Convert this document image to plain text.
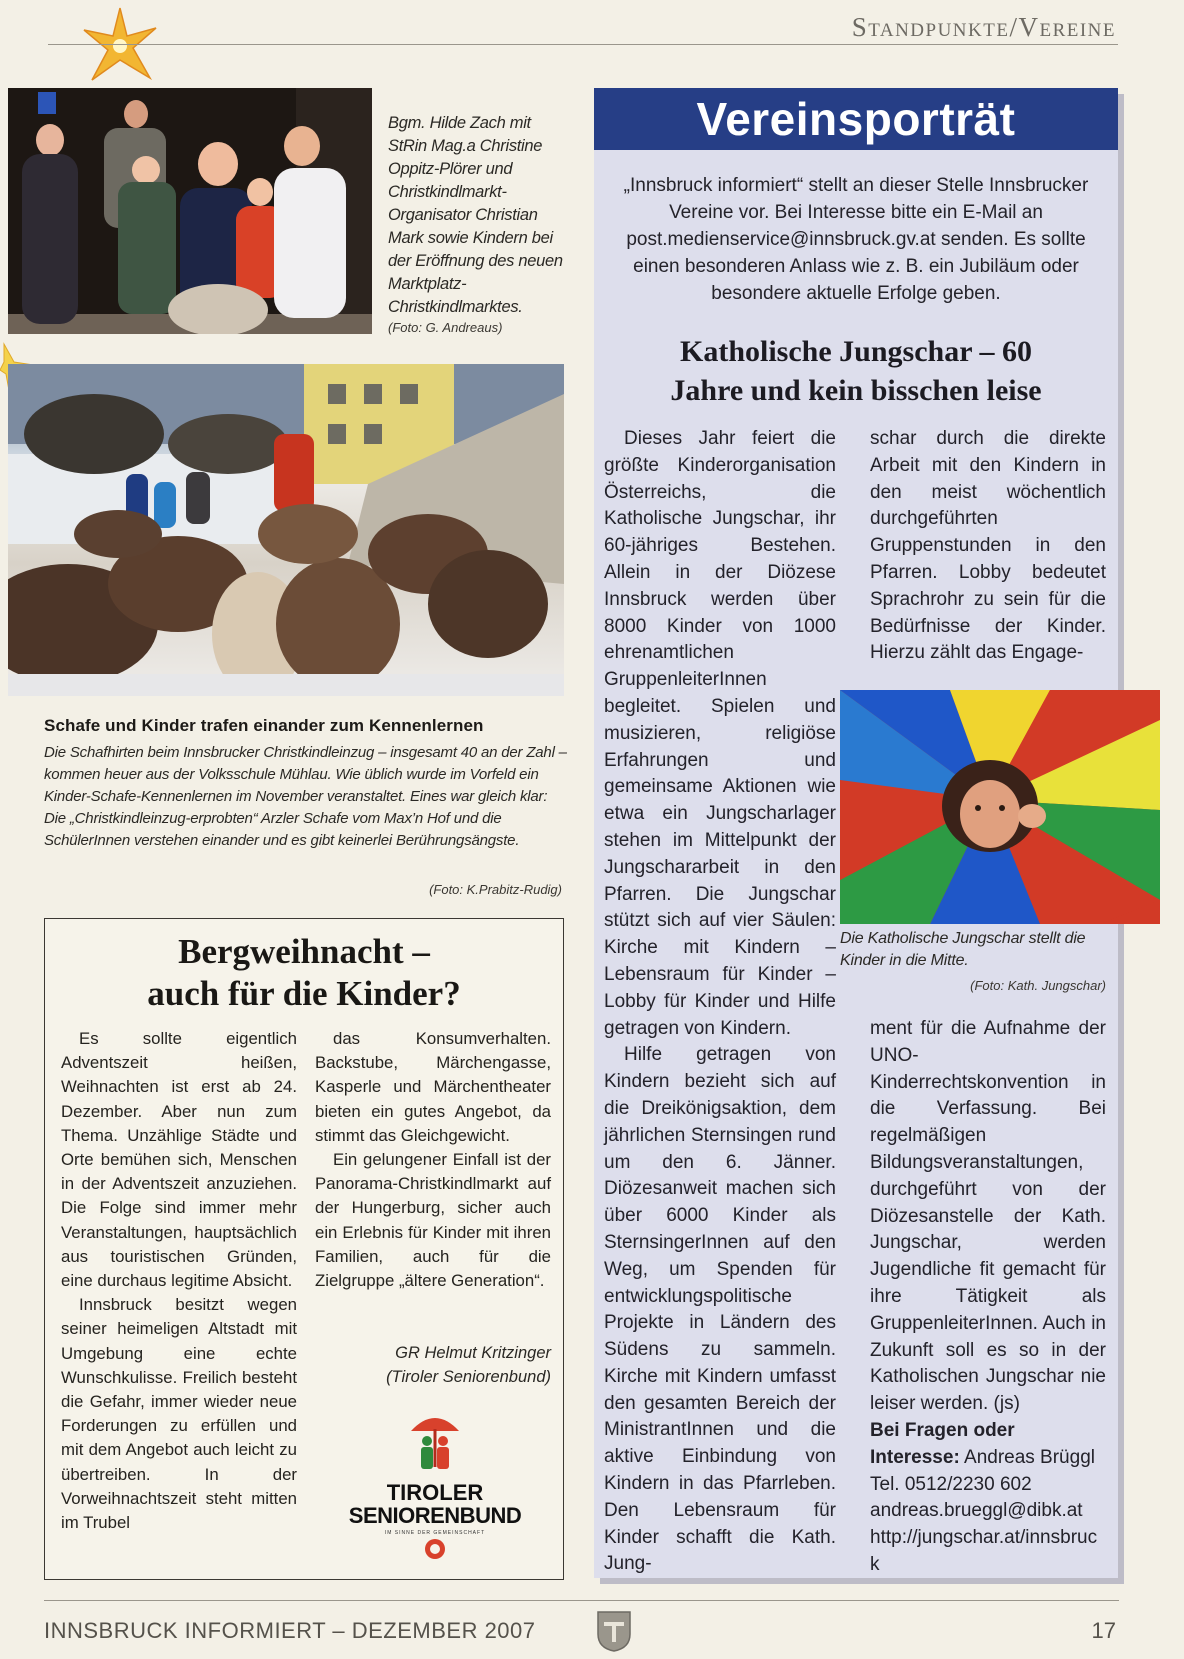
Standpunkte/Vereine
Bgm. Hilde Zach mit StRin Mag.a Christine Oppitz-Plörer und Christkindlmarkt-Organisator Christian Mark sowie Kindern bei der Eröffnung des neuen Marktplatz-Christkindlmarktes.
(Foto: G. Andreaus)
Schafe und Kinder trafen einander zum Kennenlernen
Die Schafhirten beim Innsbrucker Christkindleinzug – insgesamt 40 an der Zahl – kommen heuer aus der Volksschule Mühlau. Wie üblich wurde im Vorfeld ein Kinder-Schafe-Kennenlernen im November veranstaltet. Eines war gleich klar: Die „Christkindleinzug-erprobten“ Arzler Schafe vom Max’n Hof und die SchülerInnen verstehen einander und es gibt keinerlei Berührungsängste.
(Foto: K.Prabitz-Rudig)
Bergweihnacht –
auch für die Kinder?

Es sollte eigentlich Adventszeit heißen, Weihnachten ist erst ab 24. Dezember. Aber nun zum Thema. Unzählige Städte und Orte bemühen sich, Menschen in der Adventszeit anzuziehen. Die Folge sind immer mehr Veranstaltungen, hauptsächlich aus touristischen Gründen, eine durchaus legitime Absicht.

Innsbruck besitzt wegen seiner heimeligen Altstadt mit Umgebung eine echte Wunschkulisse. Freilich besteht die Gefahr, immer wieder neue Forderungen zu erfüllen und mit dem Angebot auch leicht zu übertreiben. In der Vorweihnachtszeit steht mitten im Trubel

das Konsumverhalten. Backstube, Märchengasse, Kasperle und Märchentheater bieten ein gutes Angebot, da stimmt das Gleichgewicht.

Ein gelungener Einfall ist der Panorama-Christkindlmarkt auf der Hungerburg, sicher auch ein Erlebnis für Kinder mit ihren Familien, auch für die Zielgruppe „ältere Generation“.

GR Helmut Kritzinger
(Tiroler Seniorenbund)
TIROLER
SENIORENBUND
IM SINNE DER GEMEINSCHAFT
Vereinsporträt
„Innsbruck informiert“ stellt an dieser Stelle Innsbrucker Vereine vor. Bei Interesse bitte ein E-Mail an post.medienservice@innsbruck.gv.at senden. Es sollte einen besonderen Anlass wie z. B. ein Jubiläum oder besondere aktuelle Erfolge geben.
Katholische Jungschar – 60
Jahre und kein bisschen leise

Dieses Jahr feiert die größte Kinderorganisation Österreichs, die Katholische Jungschar, ihr 60-jähriges Bestehen. Allein in der Diözese Innsbruck werden über 8000 Kinder von 1000 ehrenamtlichen GruppenleiterInnen begleitet. Spielen und musizieren, religiöse Erfahrungen und gemeinsame Aktionen wie etwa ein Jungscharlager stehen im Mittelpunkt der Jungschararbeit in den Pfarren. Die Jungschar stützt sich auf vier Säulen: Kirche mit Kindern – Lebensraum für Kinder – Lobby für Kinder und Hilfe getragen von Kindern.

Hilfe getragen von Kindern bezieht sich auf die Dreikönigsaktion, dem jährlichen Sternsingen rund um den 6. Jänner. Diözesanweit machen sich über 6000 Kinder als SternsingerInnen auf den Weg, um Spenden für entwicklungspolitische Projekte in Ländern des Südens zu sammeln. Kirche mit Kindern umfasst den gesamten Bereich der MinistrantInnen und die aktive Einbindung von Kindern in das Pfarrleben. Den Lebensraum für Kinder schafft die Kath. Jung-

schar durch die direkte Arbeit mit den Kindern in den meist wöchentlich durchgeführten Gruppenstunden in den Pfarren. Lobby bedeutet Sprachrohr zu sein für die Bedürfnisse der Kinder. Hierzu zählt das Engage-
Die Katholische Jungschar stellt die Kinder in die Mitte.
(Foto: Kath. Jungschar)
ment für die Aufnahme der UNO-Kinderrechtskonvention in die Verfassung. Bei regelmäßigen Bildungsveranstaltungen, durchgeführt von der Diözesanstelle der Kath. Jungschar, werden Jugendliche fit gemacht für ihre Tätigkeit als GruppenleiterInnen. Auch in Zukunft soll es so in der Katholischen Jungschar nie leiser werden. (js)
Bei Fragen oder Interesse: Andreas Brüggl
Tel. 0512/2230 602
andreas.brueggl@dibk.at
http://jungschar.at/innsbruck
INNSBRUCK INFORMIERT – DEZEMBER 2007	17
